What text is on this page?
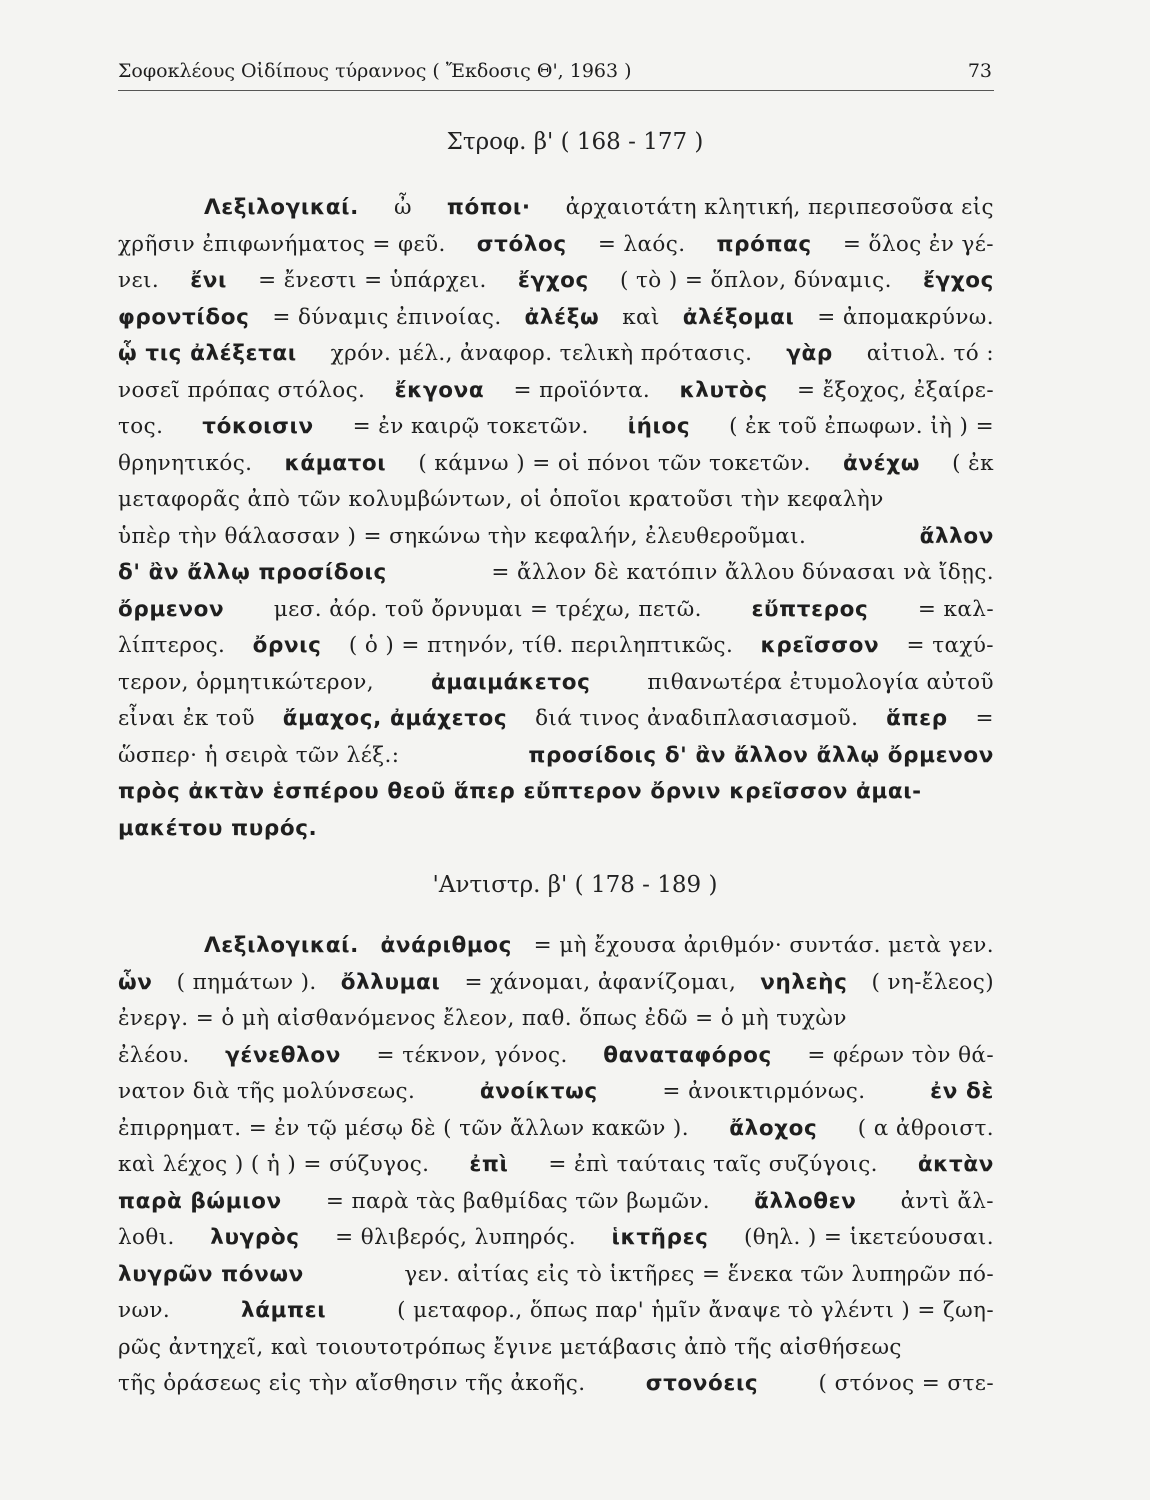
Σοφοκλέους Οἰδίπους τύραννος ( Ἔκδοσις Θ', 1963 )	73
Στροφ. β' ( 168 - 177 )
Λεξιλογικαί. ὦ πόποι· ἀρχαιοτάτη κλητική, περιπεσοῦσα εἰς
χρῆσιν ἐπιφωνήματος = φεῦ. στόλος = λαός. πρόπας = ὅλος ἐν γέ-
νει. ἔνι = ἔνεστι = ὑπάρχει. ἔγχος ( τὸ ) = ὅπλον, δύναμις. ἔγχος
φροντίδος = δύναμις ἐπινοίας. ἀλέξω καὶ ἀλέξομαι = ἀπομακρύνω.
ᾧ τις ἀλέξεται χρόν. μέλ., ἀναφορ. τελικὴ πρότασις. γὰρ αἰτιολ. τό :
νοσεῖ πρόπας στόλος. ἔκγονα = προϊόντα. κλυτὸς = ἔξοχος, ἐξαίρε-
τος. τόκοισιν = ἐν καιρῷ τοκετῶν. ἰήιος ( ἐκ τοῦ ἐπωφων. ἰὴ ) =
θρηνητικός. κάματοι ( κάμνω ) = οἱ πόνοι τῶν τοκετῶν. ἀνέχω ( ἐκ
μεταφορᾶς ἀπὸ τῶν κολυμβώντων, οἱ ὁποῖοι κρατοῦσι τὴν κεφαλὴν
ὑπὲρ τὴν θάλασσαν ) = σηκώνω τὴν κεφαλήν, ἐλευθεροῦμαι.	ἄλλον
δ' ἂν ἄλλῳ προσίδοις	= ἄλλον δὲ κατόπιν ἄλλου δύνασαι νὰ ἴδῃς.
ὄρμενον μεσ. ἀόρ. τοῦ ὄρνυμαι = τρέχω, πετῶ. εὔπτερος = καλ-
λίπτερος. ὄρνις ( ὁ ) = πτηνόν, τίθ. περιληπτικῶς. κρεῖσσον = ταχύ-
τερον, ὁρμητικώτερον,	ἀμαιμάκετος	πιθανωτέρα ἐτυμολογία αὐτοῦ
εἶναι ἐκ τοῦ ἄμαχος, ἀμάχετος διά τινος ἀναδιπλασιασμοῦ. ἅπερ =
ὥσπερ· ἡ σειρὰ τῶν λέξ.:	προσίδοις δ' ἂν ἄλλον ἄλλῳ ὄρμενον
πρὸς ἀκτὰν ἑσπέρου θεοῦ ἅπερ εὔπτερον ὄρνιν κρεῖσσον ἀμαι-
μακέτου πυρός.
'Αντιστρ. β' ( 178 - 189 )
Λεξιλογικαί. ἀνάριθμος = μὴ ἔχουσα ἀριθμόν· συντάσ. μετὰ γεν.
ὧν ( πημάτων ). ὄλλυμαι = χάνομαι, ἀφανίζομαι, νηλεὴς ( νη-ἔλεος)
ἐνεργ. = ὁ μὴ αἰσθανόμενος ἔλεον, παθ. ὅπως ἐδῶ = ὁ μὴ τυχὼν
ἐλέου. γένεθλον = τέκνον, γόνος. θαναταφόρος = φέρων τὸν θά-
νατον διὰ τῆς μολύνσεως.	ἀνοίκτως	= ἀνοικτιρμόνως.	ἐν δὲ
ἐπιρρηματ. = ἐν τῷ μέσῳ δὲ ( τῶν ἄλλων κακῶν ). ἄλοχος ( α ἀθροιστ.
καὶ λέχος ) ( ἡ ) = σύζυγος. ἐπὶ = ἐπὶ ταύταις ταῖς συζύγοις. ἀκτὰν
παρὰ βώμιον = παρὰ τὰς βαθμίδας τῶν βωμῶν. ἄλλοθεν ἀντὶ ἄλ-
λοθι. λυγρὸς = θλιβερός, λυπηρός. ἱκτῆρες (θηλ. ) = ἱκετεύουσαι.
λυγρῶν πόνων	γεν. αἰτίας εἰς τὸ ἱκτῆρες = ἕνεκα τῶν λυπηρῶν πό-
νων.	λάμπει	( μεταφορ., ὅπως παρ' ἡμῖν ἄναψε τὸ γλέντι ) = ζωη-
ρῶς ἀντηχεῖ, καὶ τοιουτοτρόπως ἔγινε μετάβασις ἀπὸ τῆς αἰσθήσεως
τῆς ὁράσεως εἰς τὴν αἴσθησιν τῆς ἀκοῆς.	στονόεις	( στόνος = στε-
